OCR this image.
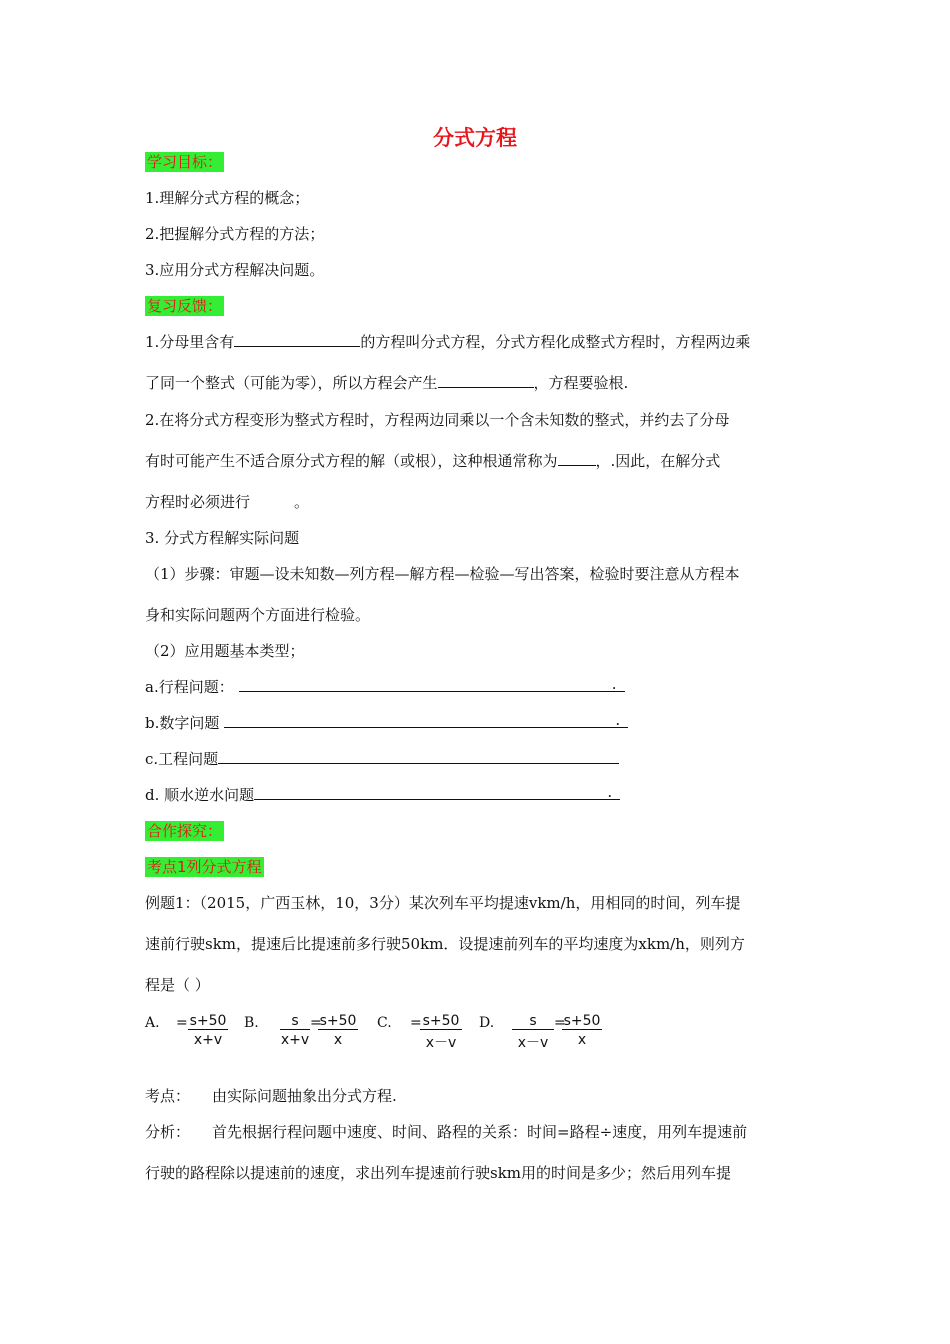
分式方程
学习目标：
1.理解分式方程的概念；
2.把握解分式方程的方法；
3.应用分式方程解决问题。
复习反馈：
1.分母里含有	的方程叫分式方程，分式方程化成整式方程时，方程两边乘
了同一个整式（可能为零），所以方程会产生	，方程要验根.
2.在将分式方程变形为整式方程时，方程两边同乘以一个含未知数的整式，并约去了分母
有时可能产生不适合原分式方程的解（或根），这种根通常称为	，.因此，在解分式
方程时必须进行	。
3. 分式方程解实际问题
（1）步骤：审题—设未知数—列方程—解方程—检验—写出答案，检验时要注意从方程本
身和实际问题两个方面进行检验。
（2）应用题基本类型；
a.行程问题：	.
b.数字问题	.
c.工程问题
d. 顺水逆水问题	.
合作探究：
考点1列分式方程
例题1：（2015，广西玉林，10，3分）某次列车平均提速vkm/h，用相同的时间，列车提
速前行驶skm，提速后比提速前多行驶50km．设提速前列车的平均速度为xkm/h，则列方
程是（ ）
A. = $\frac{s+50}{x+v} B$. $\frac{s}{x+v}$ =
$\frac{s+50}{x} C$. =
$\frac{s+50}{x-v} D$. $\frac{s}{x-v}$ =
$\frac{s+50}{x}$
考点： 由实际问题抽象出分式方程.
分析： 首先根据行程问题中速度、时间、路程的关系：时间=路程÷速度，用列车提速前
行驶的路程除以提速前的速度，求出列车提速前行驶skm用的时间是多少；然后用列车提
